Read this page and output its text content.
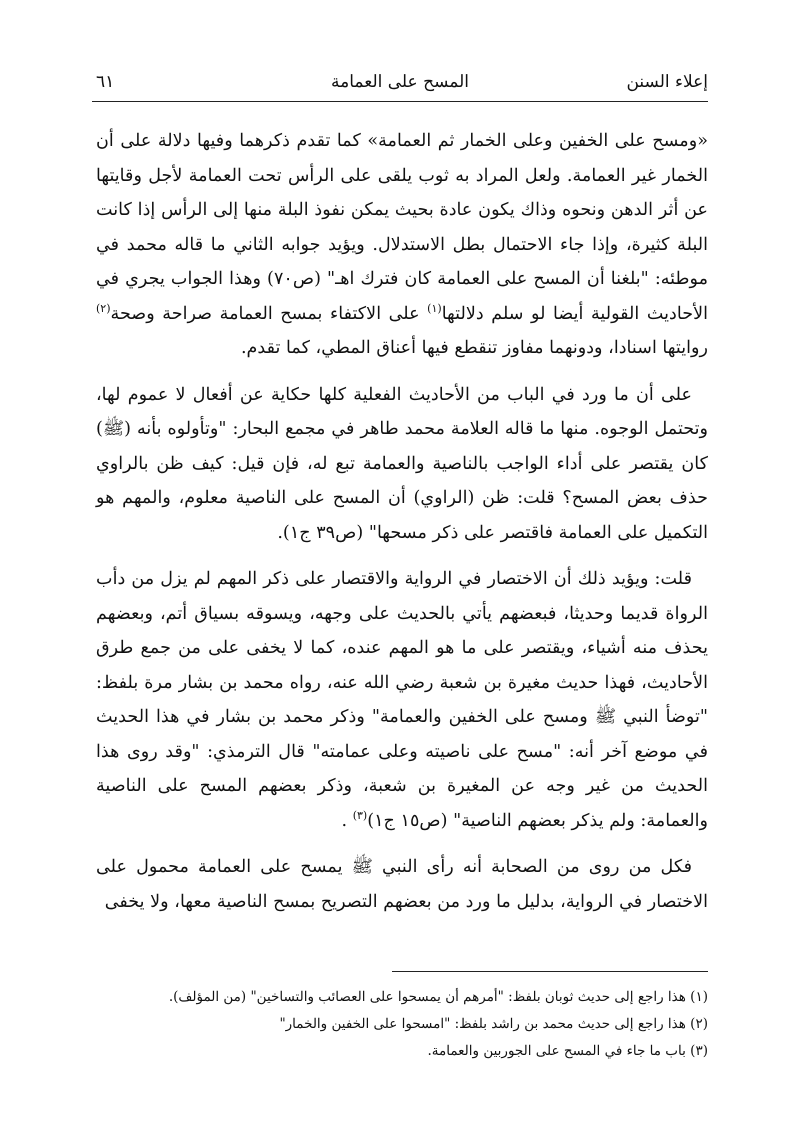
إعلاء السنن
المسح على العمامة
٦١

«ومسح على الخفين وعلى الخمار ثم العمامة» كما تقدم ذكرهما وفيها دلالة على أن الخمار غير العمامة. ولعل المراد به ثوب يلقى على الرأس تحت العمامة لأجل وقايتها عن أثر الدهن ونحوه وذاك يكون عادة بحيث يمكن نفوذ البلة منها إلى الرأس إذا كانت البلة كثيرة، وإذا جاء الاحتمال بطل الاستدلال. ويؤيد جوابه الثاني ما قاله محمد في موطئه: "بلغنا أن المسح على العمامة كان فترك اهـ" (ص٧٠) وهذا الجواب يجري في الأحاديث القولية أيضا لو سلم دلالتها$^{(١)}$ على الاكتفاء بمسح العمامة صراحة وصحة$^{(٢)}$ روايتها اسنادا، ودونهما مفاوز تنقطع فيها أعناق المطي، كما تقدم.

على أن ما ورد في الباب من الأحاديث الفعلية كلها حكاية عن أفعال لا عموم لها، وتحتمل الوجوه. منها ما قاله العلامة محمد طاهر في مجمع البحار: "وتأولوه بأنه (ﷺ) كان يقتصر على أداء الواجب بالناصية والعمامة تبع له، فإن قيل: كيف ظن بالراوي حذف بعض المسح؟ قلت: ظن (الراوي) أن المسح على الناصية معلوم، والمهم هو التكميل على العمامة فاقتصر على ذكر مسحها" (ص٣٩ ج١).

قلت: ويؤيد ذلك أن الاختصار في الرواية والاقتصار على ذكر المهم لم يزل من دأب الرواة قديما وحديثا، فبعضهم يأتي بالحديث على وجهه، ويسوقه بسياق أتم، وبعضهم يحذف منه أشياء، ويقتصر على ما هو المهم عنده، كما لا يخفى على من جمع طرق الأحاديث، فهذا حديث مغيرة بن شعبة رضي الله عنه، رواه محمد بن بشار مرة بلفظ: "توضأ النبي ﷺ ومسح على الخفين والعمامة" وذكر محمد بن بشار في هذا الحديث في موضع آخر أنه: "مسح على ناصيته وعلى عمامته" قال الترمذي: "وقد روى هذا الحديث من غير وجه عن المغيرة بن شعبة، وذكر بعضهم المسح على الناصية والعمامة: ولم يذكر بعضهم الناصية" (ص١٥ ج١)$^{(٣)}$ .

فكل من روى من الصحابة أنه رأى النبي ﷺ يمسح على العمامة محمول على الاختصار في الرواية، بدليل ما ورد من بعضهم التصريح بمسح الناصية معها، ولا يخفى

(١) هذا راجع إلى حديث ثوبان بلفظ: "أمرهم أن يمسحوا على العصائب والتساخين" (من المؤلف).
(٢) هذا راجع إلى حديث محمد بن راشد بلفظ: "امسحوا على الخفين والخمار"
(٣) باب ما جاء في المسح على الجوربين والعمامة.
